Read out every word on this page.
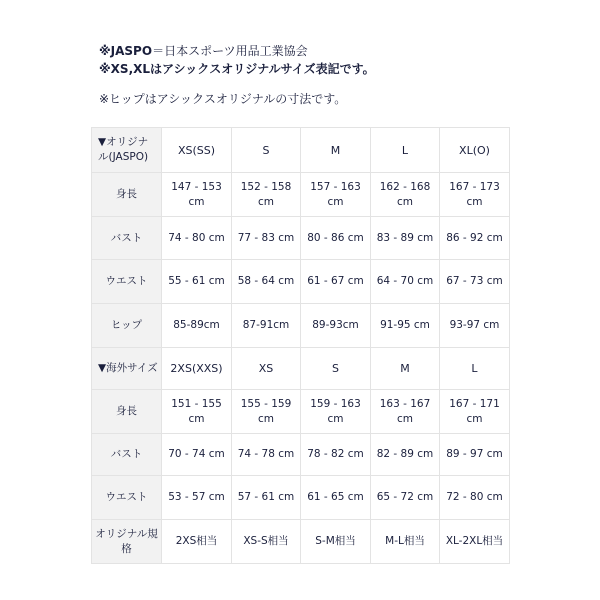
※JASPO＝日本スポーツ用品工業協会
※XS,XLはアシックスオリジナルサイズ表記です。
※ヒップはアシックスオリジナルの寸法です。
▼オリジナル(JASPO)	XS(SS)	S	M	L	XL(O)
身長	147 - 153 cm	152 - 158 cm	157 - 163 cm	162 - 168 cm	167 - 173 cm
バスト	74 - 80 cm	77 - 83 cm	80 - 86 cm	83 - 89 cm	86 - 92 cm
ウエスト	55 - 61 cm	58 - 64 cm	61 - 67 cm	64 - 70 cm	67 - 73 cm
ヒップ	85-89cm	87-91cm	89-93cm	91-95 cm	93-97 cm
▼海外サイズ	2XS(XXS)	XS	S	M	L
身長	151 - 155 cm	155 - 159 cm	159 - 163 cm	163 - 167 cm	167 - 171 cm
バスト	70 - 74 cm	74 - 78 cm	78 - 82 cm	82 - 89 cm	89 - 97 cm
ウエスト	53 - 57 cm	57 - 61 cm	61 - 65 cm	65 - 72 cm	72 - 80 cm
オリジナル規格	2XS相当	XS-S相当	S-M相当	M-L相当	XL-2XL相当
